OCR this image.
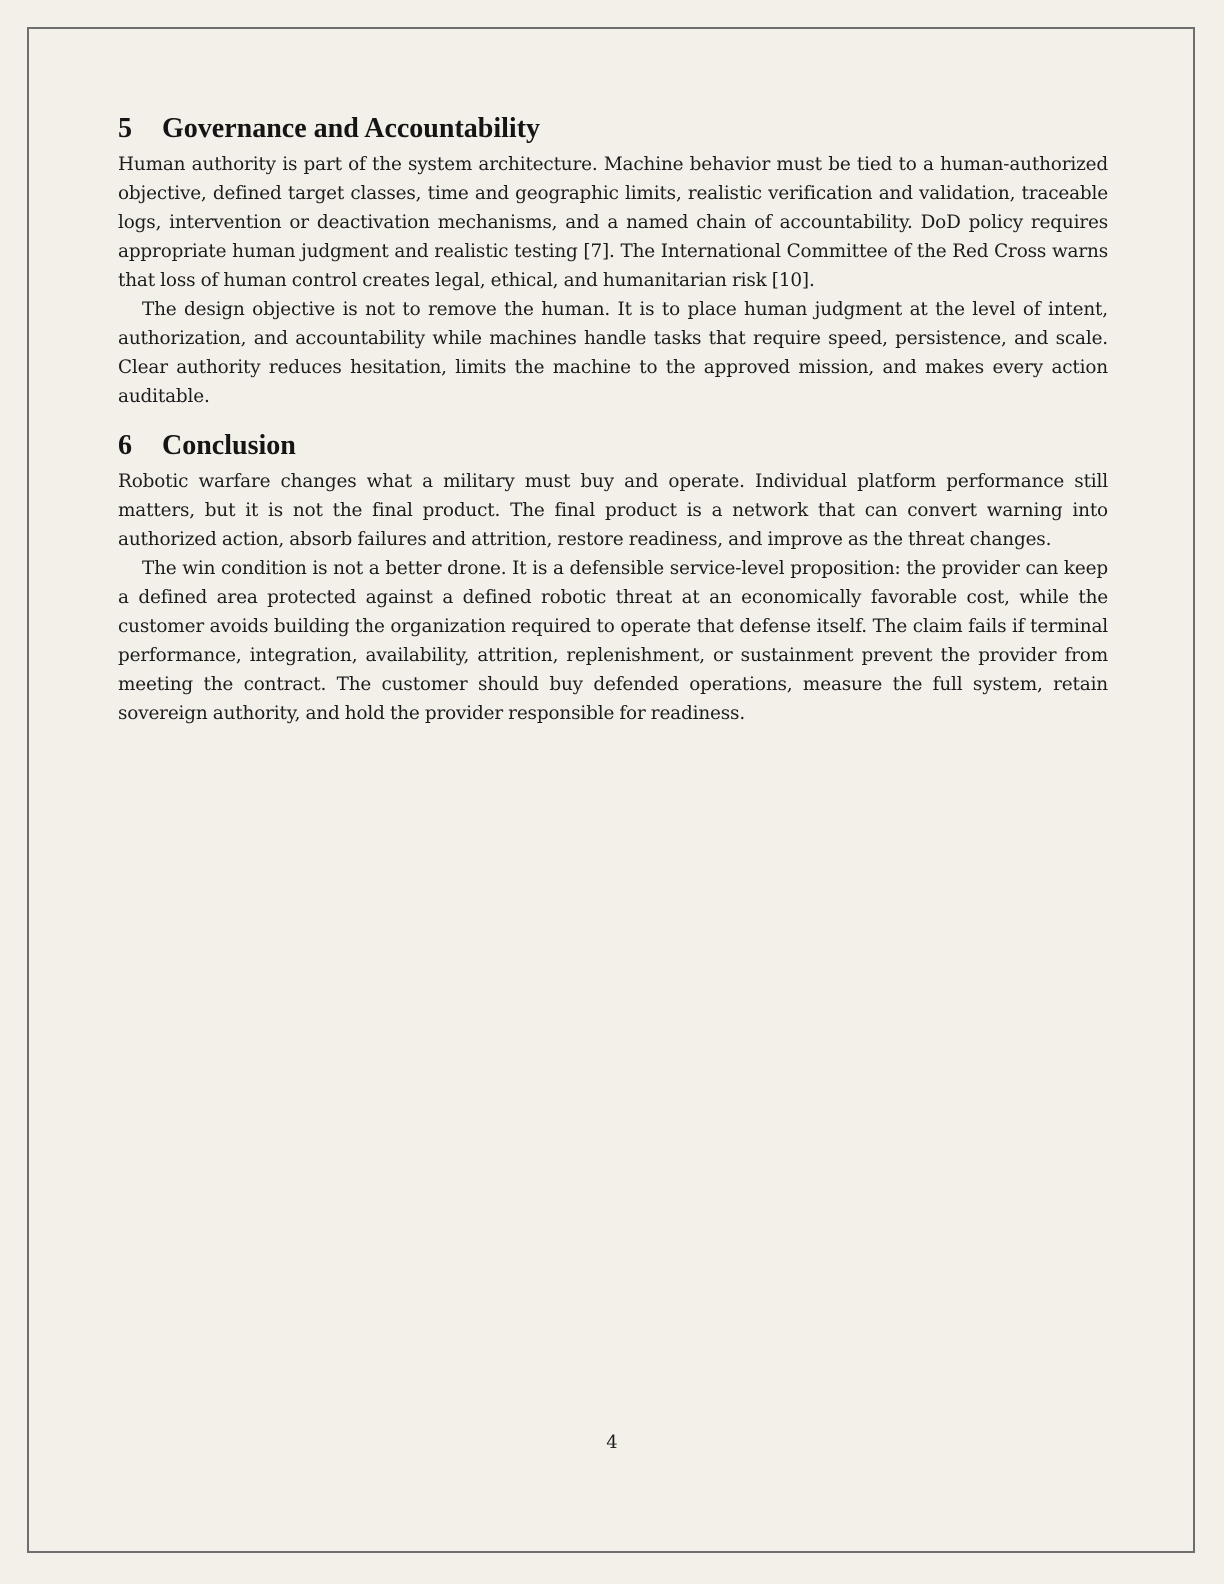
5	Governance and Accountability

Human authority is part of the system architecture. Machine behavior must be tied to a human-authorized objective, defined target classes, time and geographic limits, realistic verification and validation, traceable logs, intervention or deactivation mechanisms, and a named chain of accountability. DoD policy requires appropriate human judgment and realistic testing [7]. The International Committee of the Red Cross warns that loss of human control creates legal, ethical, and humanitarian risk [10].

The design objective is not to remove the human. It is to place human judgment at the level of intent, authorization, and accountability while machines handle tasks that require speed, persistence, and scale. Clear authority reduces hesitation, limits the machine to the approved mission, and makes every action auditable.

6	Conclusion

Robotic warfare changes what a military must buy and operate. Individual platform performance still matters, but it is not the final product. The final product is a network that can convert warning into authorized action, absorb failures and attrition, restore readiness, and improve as the threat changes.

The win condition is not a better drone. It is a defensible service-level proposition: the provider can keep a defined area protected against a defined robotic threat at an economically favorable cost, while the customer avoids building the organization required to operate that defense itself. The claim fails if terminal performance, integration, availability, attrition, replenishment, or sustainment prevent the provider from meeting the contract. The customer should buy defended operations, measure the full system, retain sovereign authority, and hold the provider responsible for readiness.

4
